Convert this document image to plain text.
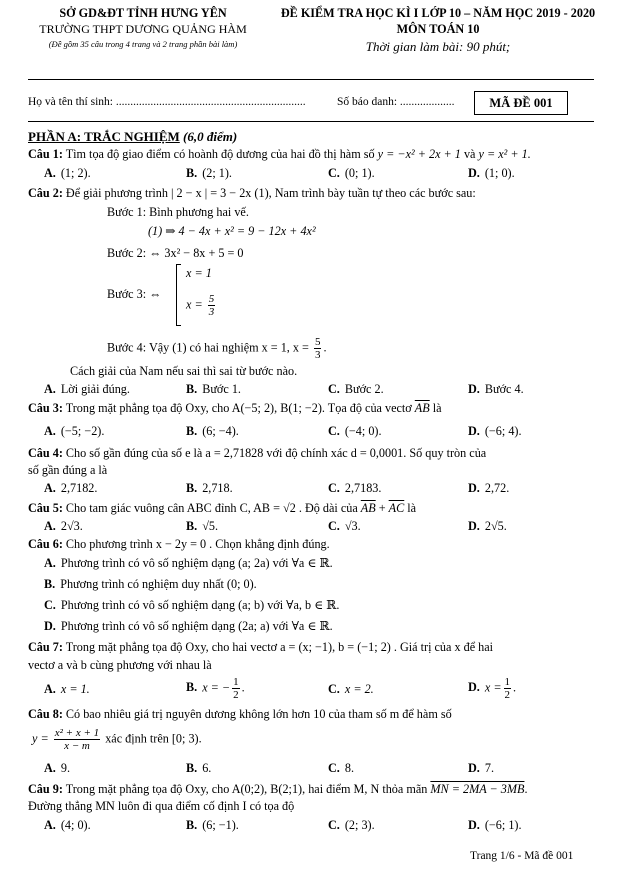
SỞ GD&ĐT TỈNH HƯNG YÊN
TRƯỜNG THPT DƯƠNG QUẢNG HÀM
(Đề gồm 35 câu trong 4 trang và 2 trang phần bài làm)
ĐỀ KIỂM TRA HỌC KÌ I LỚP 10 – NĂM HỌC 2019 - 2020
MÔN TOÁN 10
Thời gian làm bài: 90 phút;
Họ và tên thí sinh: ..................................................................	Số báo danh: ...................	MÃ ĐỀ 001
PHẦN A: TRẮC NGHIỆM (6,0 điểm)
Câu 1: Tìm tọa độ giao điểm có hoành độ dương của hai đồ thị hàm số y = −x² + 2x + 1 và y = x² + 1.
A. (1; 2).	B. (2; 1).	C. (0; 1).	D. (1; 0).
Câu 2: Để giải phương trình | 2 − x | = 3 − 2x (1), Nam trình bày tuần tự theo các bước sau:
Bước 1: Bình phương hai vế.
(1) ⇒ 4 − 4x + x² = 9 − 12x + 4x²
Bước 2: ⇔ 3x² − 8x + 5 = 0
Bước 3: ⇔
x = 1
$x = \frac{5}{3}$
Bước 4: Vậy (1) có hai nghiệm x = 1, $x = \frac{5}{3}$ .
Cách giải của Nam nếu sai thì sai từ bước nào.
A. Lời giải đúng.	B. Bước 1.	C. Bước 2.	D. Bước 4.
Câu 3: Trong mặt phẳng tọa độ Oxy, cho A(−5; 2), B(1; −2). Tọa độ của vectơ $\overline{AB}$ là
A. (−5; −2).	B. (6; −4).	C. (−4; 0).	D. (−6; 4).
Câu 4: Cho số gần đúng của số e là a = 2,71828 với độ chính xác d = 0,0001. Số quy tròn của
số gần đúng a là
A. 2,7182.	B. 2,718.	C. 2,7183.	D. 2,72.
Câu 5: Cho tam giác vuông cân ABC đỉnh C, AB = √2 . Độ dài của $\overline{AB} + \overline{AC}$ là
A. 2√3.	B. √5.	C. √3.	D. 2√5.
Câu 6: Cho phương trình x − 2y = 0 . Chọn khẳng định đúng.
A. Phương trình có vô số nghiệm dạng (a; 2a) với ∀a ∈ ℝ.
B. Phương trình có nghiệm duy nhất (0; 0).
C. Phương trình có vô số nghiệm dạng (a; b) với ∀a, b ∈ ℝ.
D. Phương trình có vô số nghiệm dạng (2a; a) với ∀a ∈ ℝ.
Câu 7: Trong mặt phẳng tọa độ Oxy, cho hai vectơ a = (x; −1), b = (−1; 2) . Giá trị của x để hai
vectơ a và b cùng phương với nhau là
A. x = 1.	B. x = − $\frac{1}{2}$ .	C. x = 2.	D. $x = \frac{1}{2}$ .
Câu 8: Có bao nhiêu giá trị nguyên dương không lớn hơn 10 của tham số m để hàm số
$y = \frac{\text{x² + x + 1}}{x - m}$ xác định trên [0; 3).
A. 9.	B. 6.	C. 8.	D. 7.
Câu 9: Trong mặt phẳng tọa độ Oxy, cho A(0;2), B(2;1), hai điểm M, N thỏa mãn MN = 2MA − 3MB.
Đường thẳng MN luôn đi qua điểm cố định I có tọa độ
A. (4; 0).	B. (6; −1).	C. (2; 3).	D. (−6; 1).
Trang 1/6 - Mã đề 001
